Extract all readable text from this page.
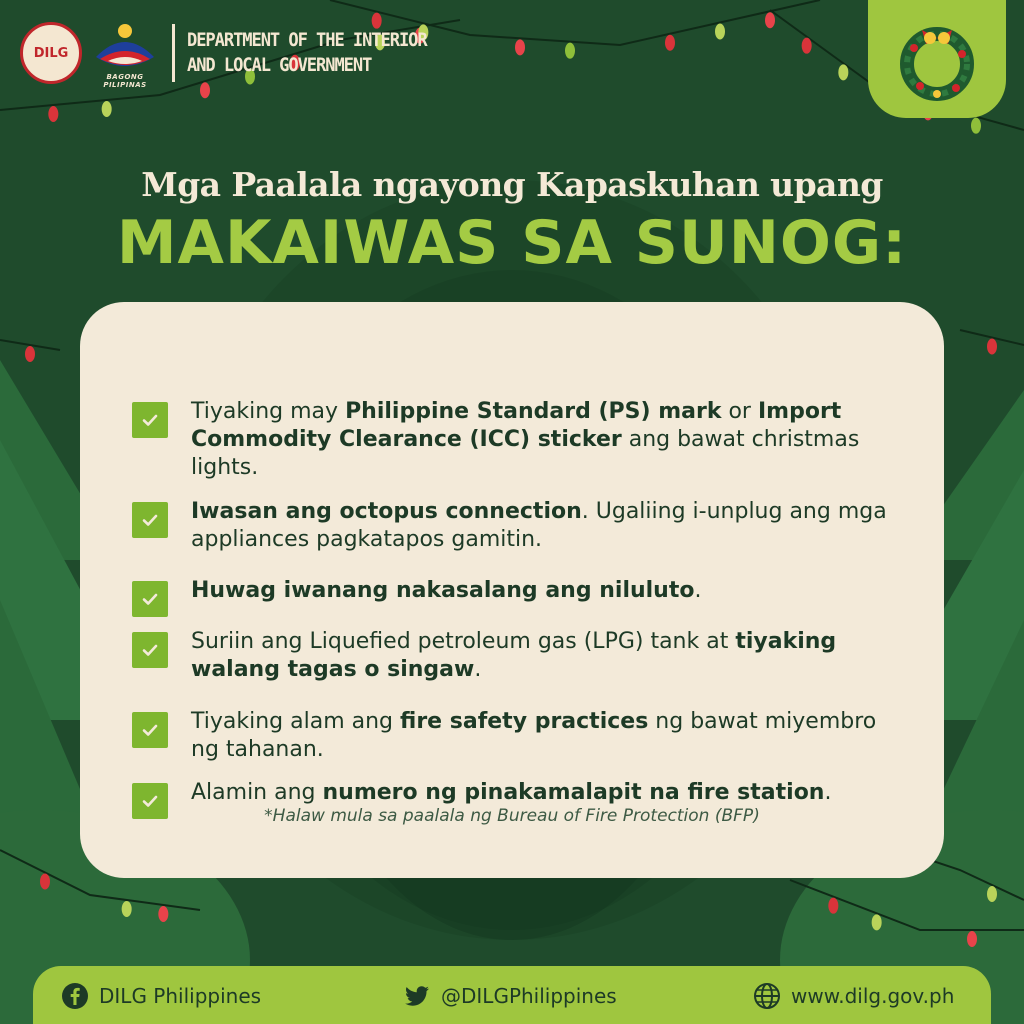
DILG
BAGONG PILIPINAS
DEPARTMENT OF THE INTERIOR
AND LOCAL GOVERNMENT
Mga Paalala ngayong Kapaskuhan upang
MAKAIWAS SA SUNOG:
Tiyaking may Philippine Standard (PS) mark or Import Commodity Clearance (ICC) sticker ang bawat christmas lights.
Iwasan ang octopus connection. Ugaliing i-unplug ang mga appliances pagkatapos gamitin.
Huwag iwanang nakasalang ang niluluto.
Suriin ang Liquefied petroleum gas (LPG) tank at tiyaking walang tagas o singaw.
Tiyaking alam ang fire safety practices ng bawat miyembro ng tahanan.
Alamin ang numero ng pinakamalapit na fire station.
*Halaw mula sa paalala ng Bureau of Fire Protection (BFP)
DILG Philippines	@DILGPhilippines	www.dilg.gov.ph
